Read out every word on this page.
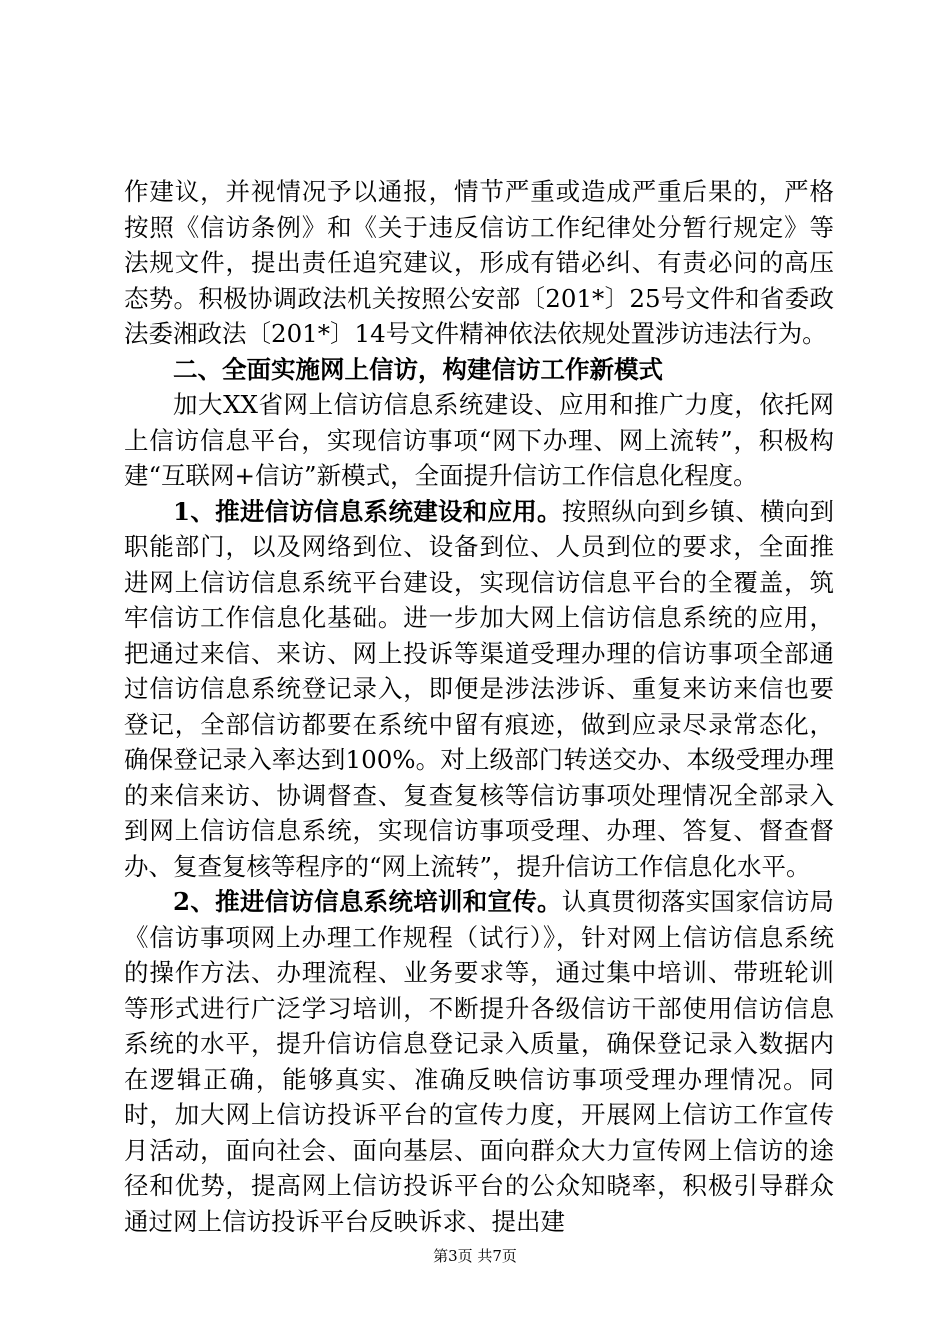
作建议，并视情况予以通报，情节严重或造成严重后果的，严格按照《信访条例》和《关于违反信访工作纪律处分暂行规定》等法规文件，提出责任追究建议，形成有错必纠、有责必问的高压态势。积极协调政法机关按照公安部〔201*〕25号文件和省委政法委湘政法〔201*〕14号文件精神依法依规处置涉访违法行为。

二、全面实施网上信访，构建信访工作新模式

加大XX省网上信访信息系统建设、应用和推广力度，依托网上信访信息平台，实现信访事项“网下办理、网上流转”，积极构建“互联网+信访”新模式，全面提升信访工作信息化程度。

1、推进信访信息系统建设和应用。按照纵向到乡镇、横向到职能部门，以及网络到位、设备到位、人员到位的要求，全面推进网上信访信息系统平台建设，实现信访信息平台的全覆盖，筑牢信访工作信息化基础。进一步加大网上信访信息系统的应用，把通过来信、来访、网上投诉等渠道受理办理的信访事项全部通过信访信息系统登记录入，即便是涉法涉诉、重复来访来信也要登记，全部信访都要在系统中留有痕迹，做到应录尽录常态化，确保登记录入率达到100%。对上级部门转送交办、本级受理办理的来信来访、协调督查、复查复核等信访事项处理情况全部录入到网上信访信息系统，实现信访事项受理、办理、答复、督查督办、复查复核等程序的“网上流转”，提升信访工作信息化水平。

2、推进信访信息系统培训和宣传。认真贯彻落实国家信访局《信访事项网上办理工作规程（试行）》，针对网上信访信息系统的操作方法、办理流程、业务要求等，通过集中培训、带班轮训等形式进行广泛学习培训，不断提升各级信访干部使用信访信息系统的水平，提升信访信息登记录入质量，确保登记录入数据内在逻辑正确，能够真实、准确反映信访事项受理办理情况。同时，加大网上信访投诉平台的宣传力度，开展网上信访工作宣传月活动，面向社会、面向基层、面向群众大力宣传网上信访的途径和优势，提高网上信访投诉平台的公众知晓率，积极引导群众通过网上信访投诉平台反映诉求、提出建

第3页 共7页
